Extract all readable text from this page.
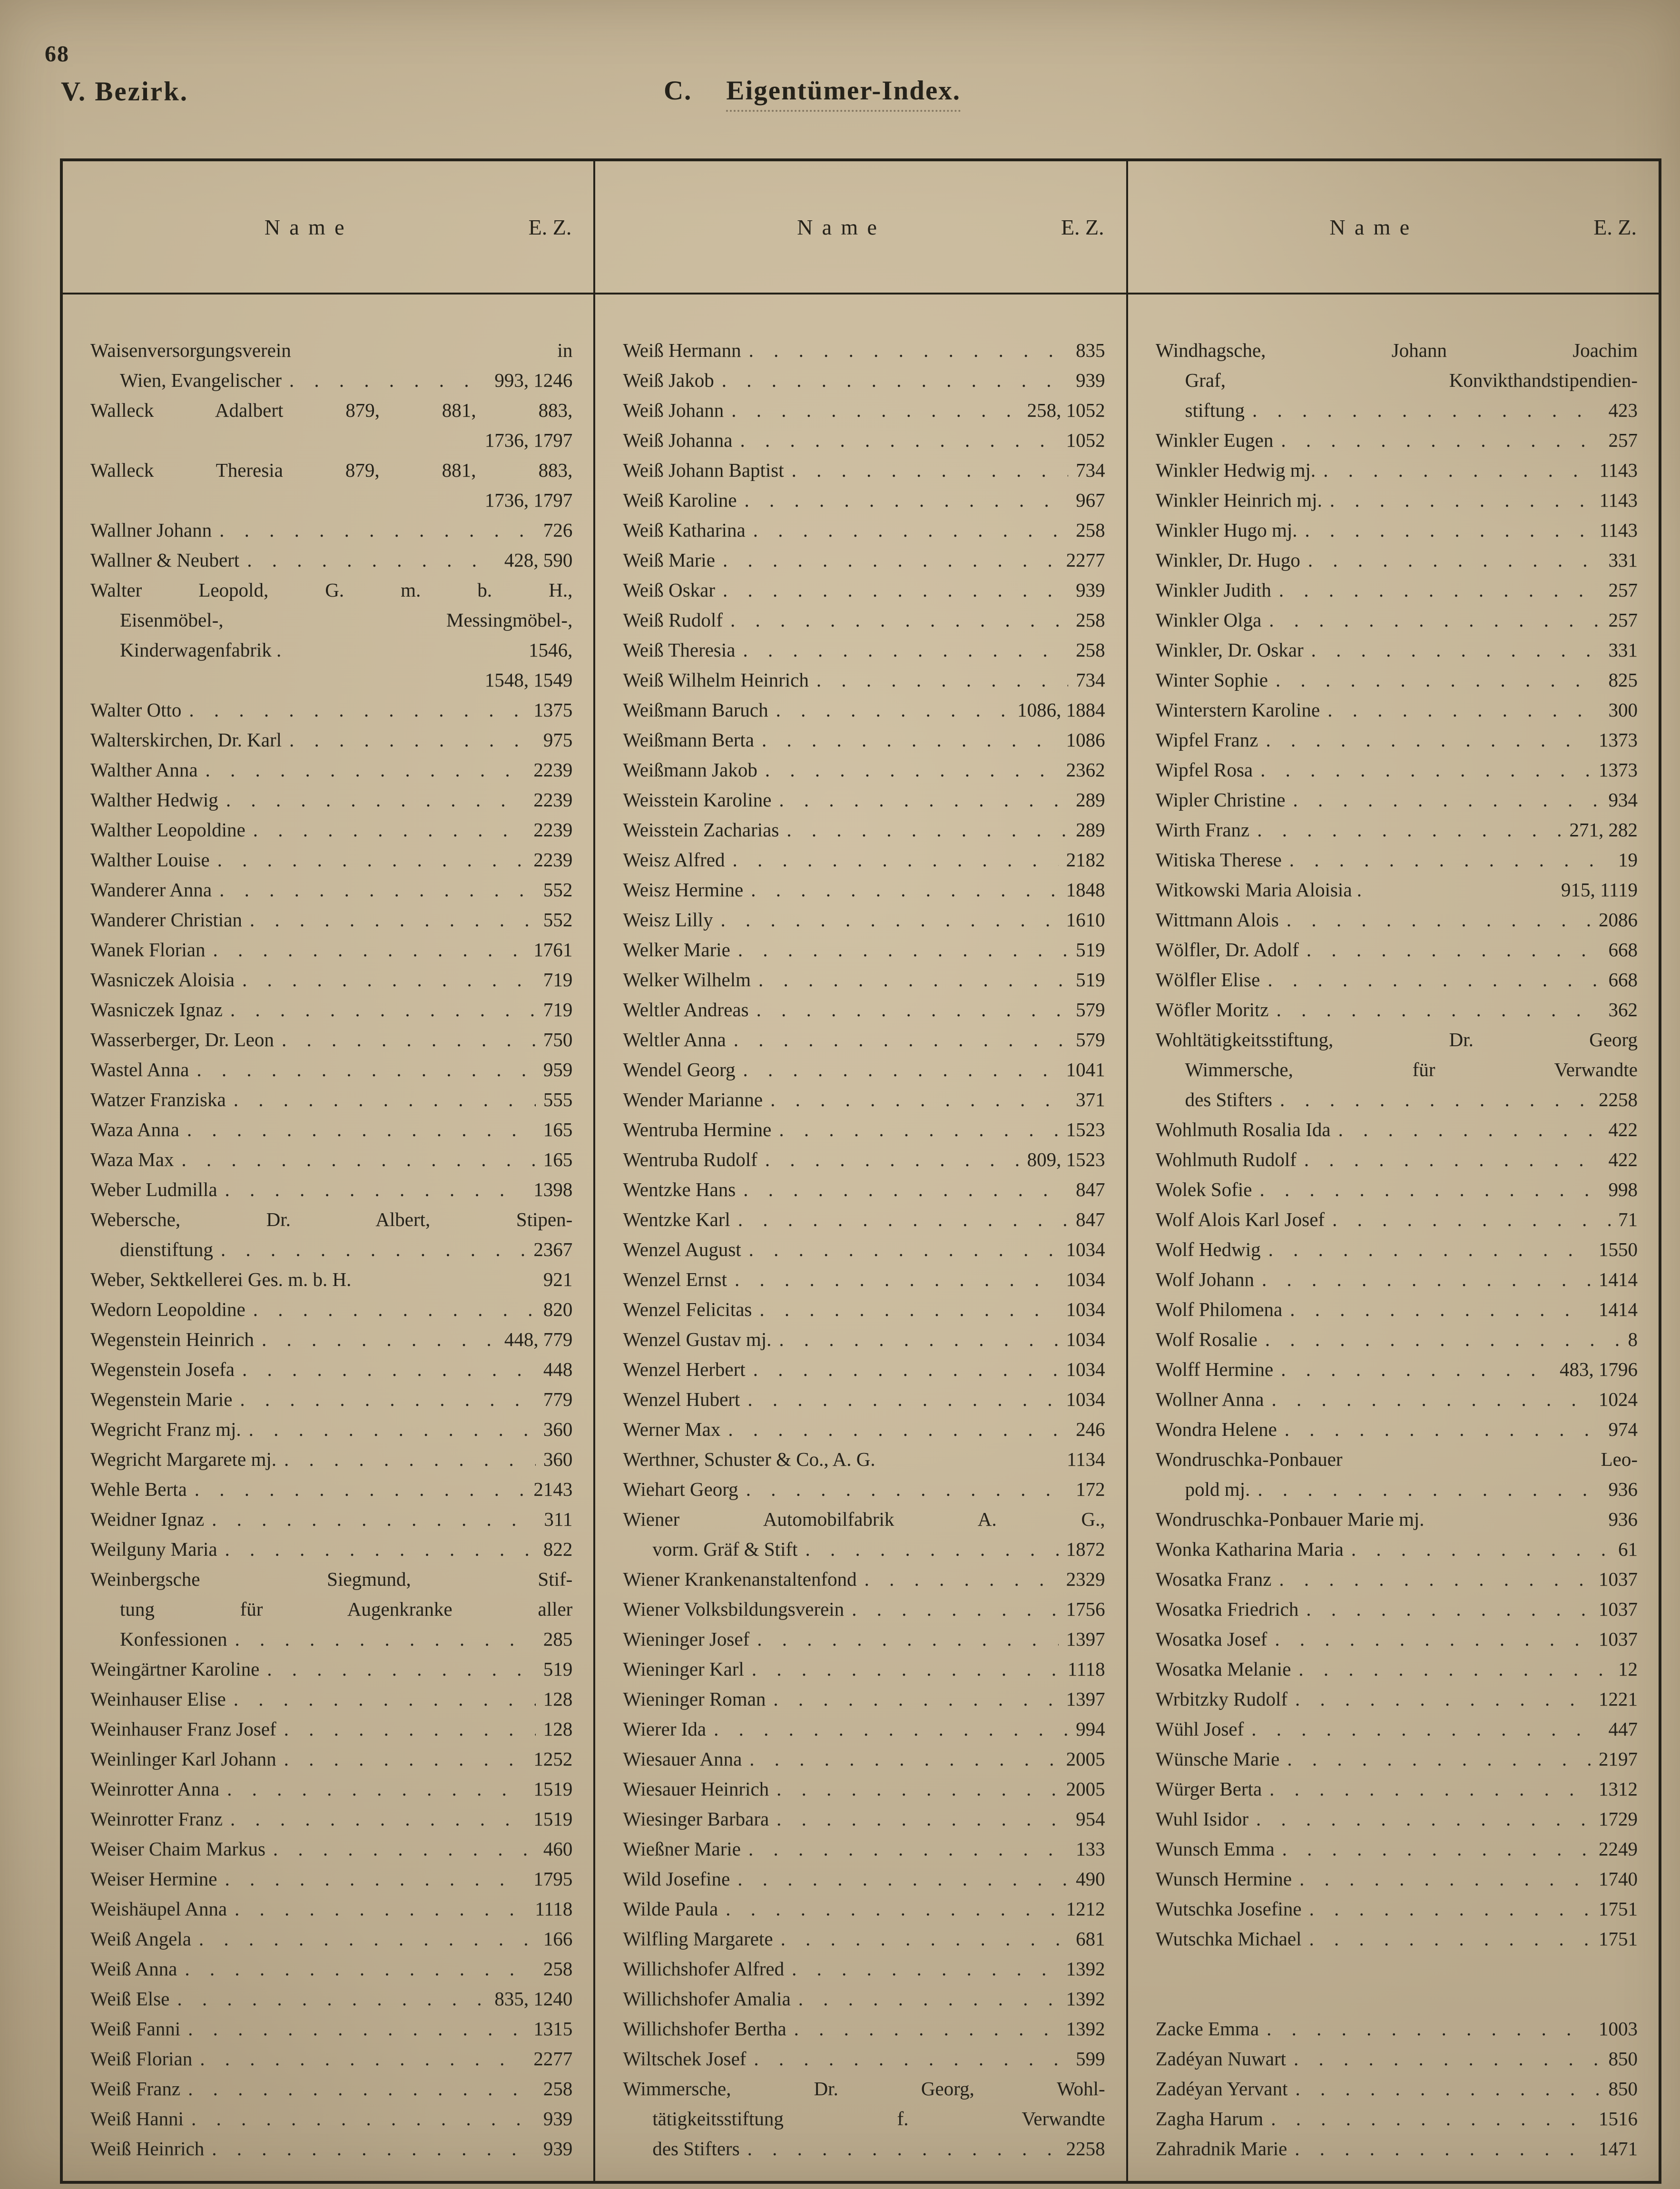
68
V. Bezirk.	C. Eigentümer-Index.
Name	E. Z.	Name	E. Z.	Name	E. Z.
Waisenversorgungsverein in
Wien, Evangelischer . . .	993, 1246
Walleck Adalbert 879, 881, 883,
1736, 1797
Walleck Theresia 879, 881, 883,
1736, 1797
Wallner Johann . . .	726
Wallner & Neubert . . .	428, 590
Walter Leopold, G. m. b. H.,
Eisenmöbel-, Messingmöbel-,
Kinderwagenfabrik .	1546,
1548, 1549
Walter Otto . . .	1375
Walterskirchen, Dr. Karl . . .	975
Walther Anna . . .	2239
Walther Hedwig . . .	2239
Walther Leopoldine . . .	2239
Walther Louise . . .	2239
Wanderer Anna . . .	552
Wanderer Christian . . .	552
Wanek Florian . . .	1761
Wasniczek Aloisia . . .	719
Wasniczek Ignaz . . .	719
Wasserberger, Dr. Leon . . .	750
Wastel Anna . . .	959
Watzer Franziska . . .	555
Waza Anna . . .	165
Waza Max . . .	165
Weber Ludmilla . . .	1398
Webersche, Dr. Albert, Stipen-
dienstiftung . . .	2367
Weber, Sektkellerei Ges. m. b. H.	921
Wedorn Leopoldine . . .	820
Wegenstein Heinrich . . .	448, 779
Wegenstein Josefa . . .	448
Wegenstein Marie . . .	779
Wegricht Franz mj. . . .	360
Wegricht Margarete mj. . . .	360
Wehle Berta . . .	2143
Weidner Ignaz . . .	311
Weilguny Maria . . .	822
Weinbergsche Siegmund, Stif-
tung für Augenkranke aller
Konfessionen . . .	285
Weingärtner Karoline . . .	519
Weinhauser Elise . . .	128
Weinhauser Franz Josef . . .	128
Weinlinger Karl Johann . . .	1252
Weinrotter Anna . . .	1519
Weinrotter Franz . . .	1519
Weiser Chaim Markus . . .	460
Weiser Hermine . . .	1795
Weishäupel Anna . . .	1118
Weiß Angela . . .	166
Weiß Anna . . .	258
Weiß Else . . .	835, 1240
Weiß Fanni . . .	1315
Weiß Florian . . .	2277
Weiß Franz . . .	258
Weiß Hanni . . .	939
Weiß Heinrich . . .	939
Weiß Hermann . . .	835
Weiß Jakob . . .	939
Weiß Johann . . .	258, 1052
Weiß Johanna . . .	1052
Weiß Johann Baptist . . .	734
Weiß Karoline . . .	967
Weiß Katharina . . .	258
Weiß Marie . . .	2277
Weiß Oskar . . .	939
Weiß Rudolf . . .	258
Weiß Theresia . . .	258
Weiß Wilhelm Heinrich . . .	734
Weißmann Baruch . . .	1086, 1884
Weißmann Berta . . .	1086
Weißmann Jakob . . .	2362
Weisstein Karoline . . .	289
Weisstein Zacharias . . .	289
Weisz Alfred . . .	2182
Weisz Hermine . . .	1848
Weisz Lilly . . .	1610
Welker Marie . . .	519
Welker Wilhelm . . .	519
Weltler Andreas . . .	579
Weltler Anna . . .	579
Wendel Georg . . .	1041
Wender Marianne . . .	371
Wentruba Hermine . . .	1523
Wentruba Rudolf . . .	809, 1523
Wentzke Hans . . .	847
Wentzke Karl . . .	847
Wenzel August . . .	1034
Wenzel Ernst . . .	1034
Wenzel Felicitas . . .	1034
Wenzel Gustav mj. . . .	1034
Wenzel Herbert . . .	1034
Wenzel Hubert . . .	1034
Werner Max . . .	246
Werthner, Schuster & Co., A. G.	1134
Wiehart Georg . . .	172
Wiener Automobilfabrik A. G.,
vorm. Gräf & Stift . . .	1872
Wiener Krankenanstaltenfond . . .	2329
Wiener Volksbildungsverein . . .	1756
Wieninger Josef . . .	1397
Wieninger Karl . . .	1118
Wieninger Roman . . .	1397
Wierer Ida . . .	994
Wiesauer Anna . . .	2005
Wiesauer Heinrich . . .	2005
Wiesinger Barbara . . .	954
Wießner Marie . . .	133
Wild Josefine . . .	490
Wilde Paula . . .	1212
Wilfling Margarete . . .	681
Willichshofer Alfred . . .	1392
Willichshofer Amalia . . .	1392
Willichshofer Bertha . . .	1392
Wiltschek Josef . . .	599
Wimmersche, Dr. Georg, Wohl-
tätigkeitsstiftung f. Verwandte
des Stifters . . .	2258
Windhagsche, Johann Joachim
Graf, Konvikthandstipendien-
stiftung . . .	423
Winkler Eugen . . .	257
Winkler Hedwig mj. . . .	1143
Winkler Heinrich mj. . . .	1143
Winkler Hugo mj. . . .	1143
Winkler, Dr. Hugo . . .	331
Winkler Judith . . .	257
Winkler Olga . . .	257
Winkler, Dr. Oskar . . .	331
Winter Sophie . . .	825
Winterstern Karoline . . .	300
Wipfel Franz . . .	1373
Wipfel Rosa . . .	1373
Wipler Christine . . .	934
Wirth Franz . . .	271, 282
Witiska Therese . . .	19
Witkowski Maria Aloisia .	915, 1119
Wittmann Alois . . .	2086
Wölfler, Dr. Adolf . . .	668
Wölfler Elise . . .	668
Wöfler Moritz . . .	362
Wohltätigkeitsstiftung, Dr. Georg
Wimmersche, für Verwandte
des Stifters . . .	2258
Wohlmuth Rosalia Ida . . .	422
Wohlmuth Rudolf . . .	422
Wolek Sofie . . .	998
Wolf Alois Karl Josef . . .	71
Wolf Hedwig . . .	1550
Wolf Johann . . .	1414
Wolf Philomena . . .	1414
Wolf Rosalie . . .	8
Wolff Hermine . . .	483, 1796
Wollner Anna . . .	1024
Wondra Helene . . .	974
Wondruschka-Ponbauer Leo-
pold mj. . . .	936
Wondruschka-Ponbauer Marie mj.	936
Wonka Katharina Maria . . .	61
Wosatka Franz . . .	1037
Wosatka Friedrich . . .	1037
Wosatka Josef . . .	1037
Wosatka Melanie . . .	12
Wrbitzky Rudolf . . .	1221
Wühl Josef . . .	447
Wünsche Marie . . .	2197
Würger Berta . . .	1312
Wuhl Isidor . . .	1729
Wunsch Emma . . .	2249
Wunsch Hermine . . .	1740
Wutschka Josefine . . .	1751
Wutschka Michael . . .	1751
Zacke Emma . . .	1003
Zadéyan Nuwart . . .	850
Zadéyan Yervant . . .	850
Zagha Harum . . .	1516
Zahradnik Marie . . .	1471
